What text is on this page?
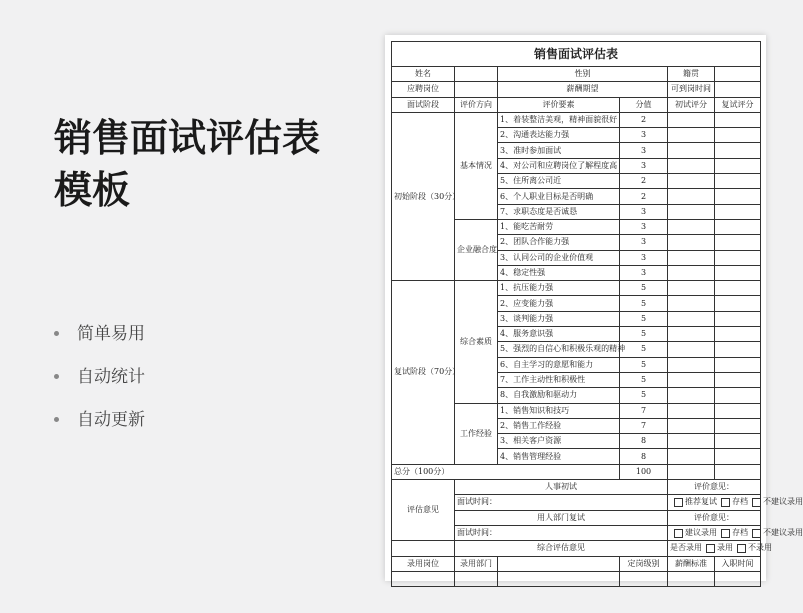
销售面试评估表
模板
简单易用
自动统计
自动更新
销售面试评估表					
姓名		性别		籍贯	
应聘岗位		薪酬期望		可到岗时间	
面试阶段	评价方向	评价要素	分值	初试评分	复试评分
初始阶段（30分）	基本情况	1、着装整洁美观，精神面貌很好	2		
		2、沟通表达能力强	3		
		3、准时参加面试	3		
		4、对公司和应聘岗位了解程度高	3		
		5、住所离公司近	2		
		6、个人职业目标是否明确	2		
		7、求职态度是否诚恳	3		
	企业融合度	1、能吃苦耐劳	3		
		2、团队合作能力强	3		
		3、认同公司的企业价值观	3		
		4、稳定性强	3		
复试阶段（70分）	综合素质	1、抗压能力强	5		
		2、应变能力强	5		
		3、谈判能力强	5		
		4、服务意识强	5		
		5、强烈的自信心和积极乐观的精神	5		
		6、自主学习的意愿和能力	5		
		7、工作主动性和积极性	5		
		8、自我激励和驱动力	5		
	工作经验	1、销售知识和技巧	7		
		2、销售工作经验	7		
		3、相关客户资源	8		
		4、销售管理经验	8		
总分（100分）			100		
评估意见	人事初试			评价意见：	
	面试时间：			推荐复试 存档 不建议录用	
	用人部门复试			评价意见：	
	面试时间：			建议录用 存档 不建议录用	
	综合评估意见			是否录用 录用 不录用	
录用岗位	录用部门		定岗级别	薪酬标准	入职时间
